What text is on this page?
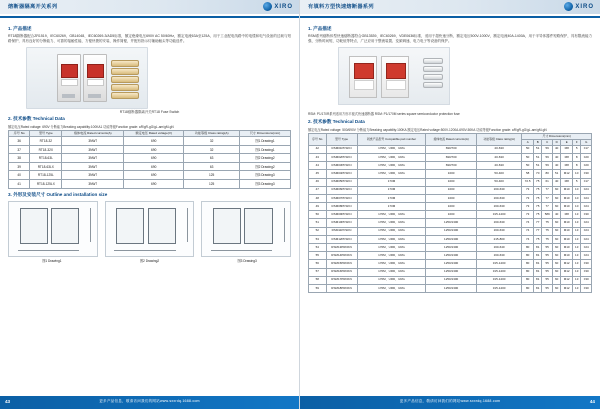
熔断器隔离开关系列	XIRO
1. 产品描述
RT18隔断器配合ZR1519、IEC60269、GB14048、IEC60269-3/AD5标准，额定绝缘电压690V AC 50/60Hz，额定电流63A至125A，用于工业配电线路中的电缆和电气设备的过载与短路保护，具有良好的分断能力、可靠的接触性能、方便快捷的安装、操作简便，并配有指示灯辅助触头等功能选件。
RT18熔断器隔离开关RT18 Fuse Switch
2. 技术参数 Technical Data
额定电压Rated voltage: 690V 分断能力Breaking capability:100KA1 功能等级Function grade: aR/gR-gG/gL-am/gM-gN
序号 No	型号 Type	熔体电流 Rated currents(A)	额定电压 Rated voltage(V)	功能等级 Class rating(A)	尺寸 Dimensions(mm)
36	RT18-32	3NW7	690	32	图1 Drawing1
37	RT18-32X	3NW7	690	32	图1 Drawing1
38	RT18-63L	3NW7	690	63	图2 Drawing2
39	RT18-63LX	3NW7	690	63	图2 Drawing2
40	RT18-125L	3NW7	690	125	图3 Drawing3
41	RT18-125LX	3NW7	690	125	图3 Drawing3
3. 外形及安装尺寸 Outline and installation size
图1 Drawing1	图2 Drawing2	图3 Drawing3
43	更多产品信息，敬请访问我们的网站www.sxxrdq.1688.com
有填料方型快速熔断器系列	XIRO
1. 产品描述
RSM系列熔断体型快速熔断器符合GB13539、IEC60269、VDE0636标准，适用于超快速分断，额定电压500V-1000V，额定电流40A-1400A，用于半导体器件短路保护，具有限流能力强、分断时间短、功耗低等特点，广泛应用于整流装置、变频调速、电力电子等设备的保护。
RSM: P1/170R系列适用方形平板式快速熔断器 RSM: P1/170M series square semiconductor protection fuse
2. 技术参数 Technical Data
额定电压Rated voltage: 500/690V 分断能力Breaking capability:100KA 额定电压Rated voltage:500V-1200A-690V-50KA 功能等级Function grade: aR/gR-gG/gL-am/gM-gN
序号 No	型号 Type	同类产品型号 Compatible part number	熔体电流 Rated currents(A)	功能等级 Class rating(A)	尺寸 Dimensions(mm)						
					A	B	C	D	E	F	G
42	RSM01PFSKN	170M、URD、URG	690/700	40-630	50	51	59	40	M8	5	±17
43	RSM02PFSKN	170M、URD、URG	690/700	40-630	50	51	59	40	M8	8	±20
44	RSM03PFSKN	170M、URD、URG	690/700	40-630	50	51	59	40	M8	8	±20
45	RSM04PFSKN	170M、URD、URG	1000	50-400	58	70	80	51	M12	10	±30
46	RSM05PFSKN	170M	1000	50-400	72.5	75	61	40	M8	5	±17
47	RSM06PFSKN	170M	1000	160-630	73	75	77	60	M10	10	±24
48	RSM07PFSKN	170M	1000	160-630	73	75	77	60	M10	10	±24
49	RSM08PFSKN	170M	1000	160-630	73	75	77	60	M10	10	±24
50	RSM09PFSKN	170M、URD、URG	1000	315-1400	73	75	589	40	M8	13	±30
51	RSM10PFSKN	170M、URD、URG	1250/1300	160-630	74	77	75	60	M10	13	±24
52	RSM11PFSKN	170M、URD、URG	1250/1300	160-630	74	77	75	60	M10	13	±24
53	RSM12PFSKN	170M、URD、URG	1250/1300	215-800	74	75	75	60	M10	13	±24
54	RSM13PRDKN	170M、URD、URG	1250/1300	160-640	80	81	55	60	M10	13	±24
55	RSM14PRDKN	170M、URD、URG	1250/1300	160-630	80	81	55	60	M10	13	±24
56	RSM15PRDKN	170M、URD、URG	1250/1300	315-1400	80	81	55	60	M12	13	±30
57	RSM16PRDKN	170M、URD、URG	1250/1300	315-1400	80	81	55	60	M12	13	±30
58	RSM17PRDKN	170M、URD、URG	1250/1300	315-1400	80	81	55	60	M12	13	±30
59	RSM18PRDKN	170M、URD、URG	1250/1300	315-1400	80	81	55	60	M12	13	±30
更多产品信息，敬请访问我们的网站www.sxxrdq.1688.com	44
